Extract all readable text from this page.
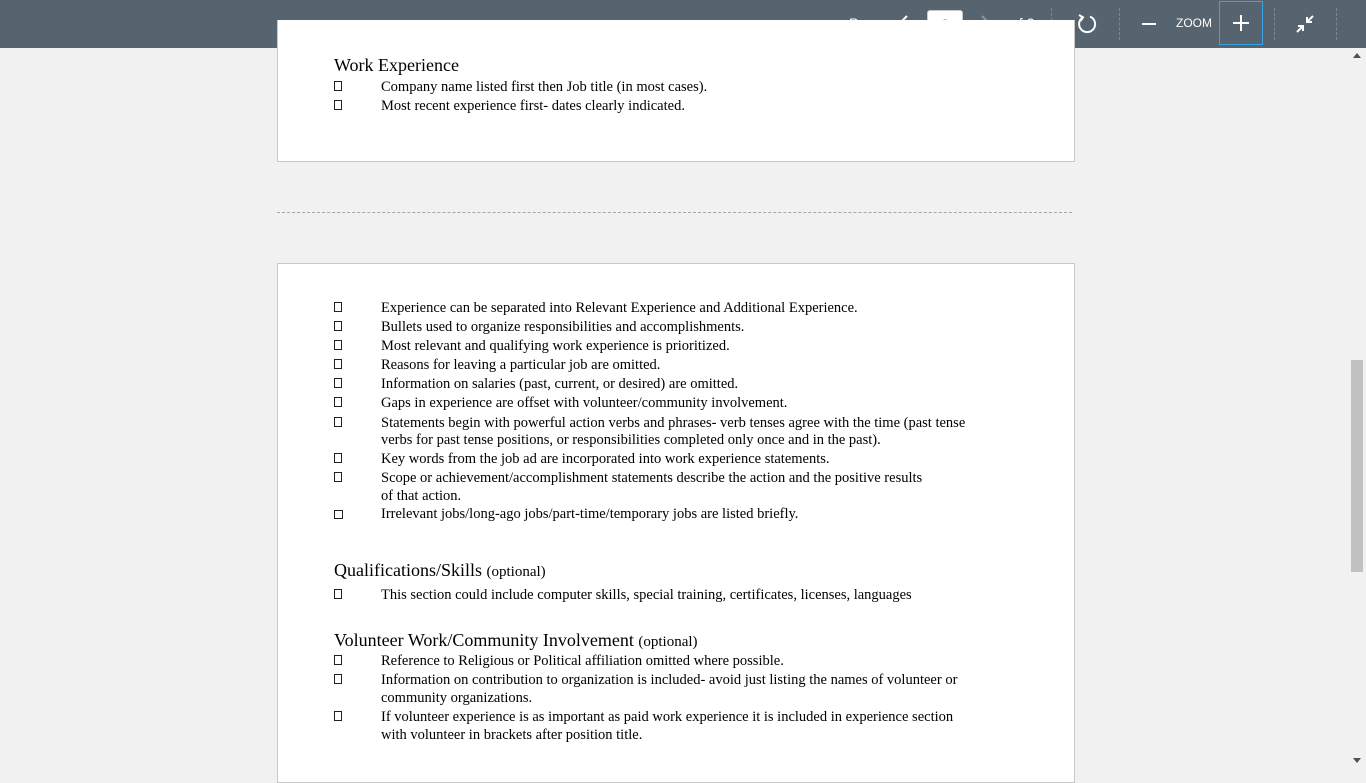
2
ZOOM
Work Experience
Company name listed first then Job title (in most cases).
Most recent experience first- dates clearly indicated.
Experience can be separated into Relevant Experience and Additional Experience.
Bullets used to organize responsibilities and accomplishments.
Most relevant and qualifying work experience is prioritized.
Reasons for leaving a particular job are omitted.
Information on salaries (past, current, or desired) are omitted.
Gaps in experience are offset with volunteer/community involvement.
Statements begin with powerful action verbs and phrases- verb tenses agree with the time (past tense
verbs for past tense positions, or responsibilities completed only once and in the past).
Key words from the job ad are incorporated into work experience statements.
Scope or achievement/accomplishment statements describe the action and the positive results
of that action.
Irrelevant jobs/long-ago jobs/part-time/temporary jobs are listed briefly.
Qualifications/Skills (optional)
This section could include computer skills, special training, certificates, licenses, languages
Volunteer Work/Community Involvement (optional)
Reference to Religious or Political affiliation omitted where possible.
Information on contribution to organization is included- avoid just listing the names of volunteer or
community organizations.
If volunteer experience is as important as paid work experience it is included in experience section
with volunteer in brackets after position title.
